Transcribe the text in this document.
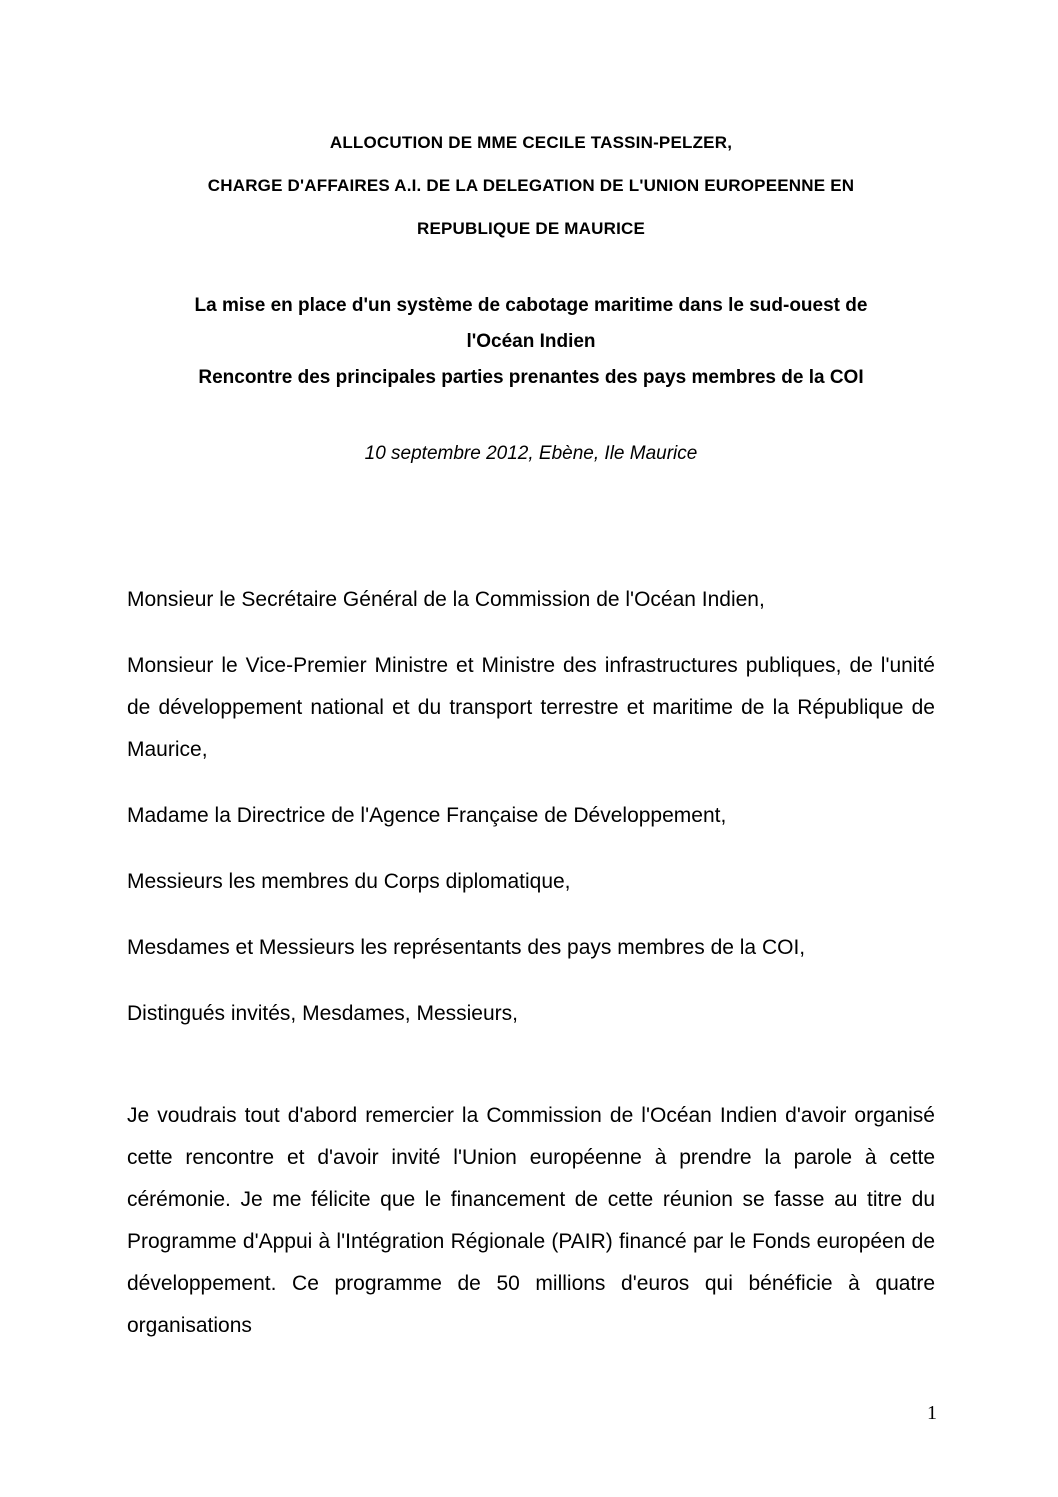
ALLOCUTION DE MME CECILE TASSIN-PELZER,
CHARGE D'AFFAIRES A.I. DE LA DELEGATION DE L'UNION EUROPEENNE EN
REPUBLIQUE DE MAURICE
La mise en place d'un système de cabotage maritime dans le sud-ouest de
l'Océan Indien
Rencontre des principales parties prenantes des pays membres de la COI
10 septembre 2012, Ebène, Ile Maurice

Monsieur le Secrétaire Général de la Commission de l'Océan Indien,

Monsieur le Vice-Premier Ministre et Ministre des infrastructures publiques, de l'unité de développement national et du transport terrestre et maritime de la République de Maurice,

Madame la Directrice de l'Agence Française de Développement,

Messieurs les membres du Corps diplomatique,

Mesdames et Messieurs les représentants des pays membres de la COI,

Distingués invités, Mesdames, Messieurs,

Je voudrais tout d'abord remercier la Commission de l'Océan Indien d'avoir organisé cette rencontre et d'avoir invité l'Union européenne à prendre la parole à cette cérémonie. Je me félicite que le financement de cette réunion se fasse au titre du Programme d'Appui à l'Intégration Régionale (PAIR) financé par le Fonds européen de développement. Ce programme de 50 millions d'euros qui bénéficie à quatre organisations

1
